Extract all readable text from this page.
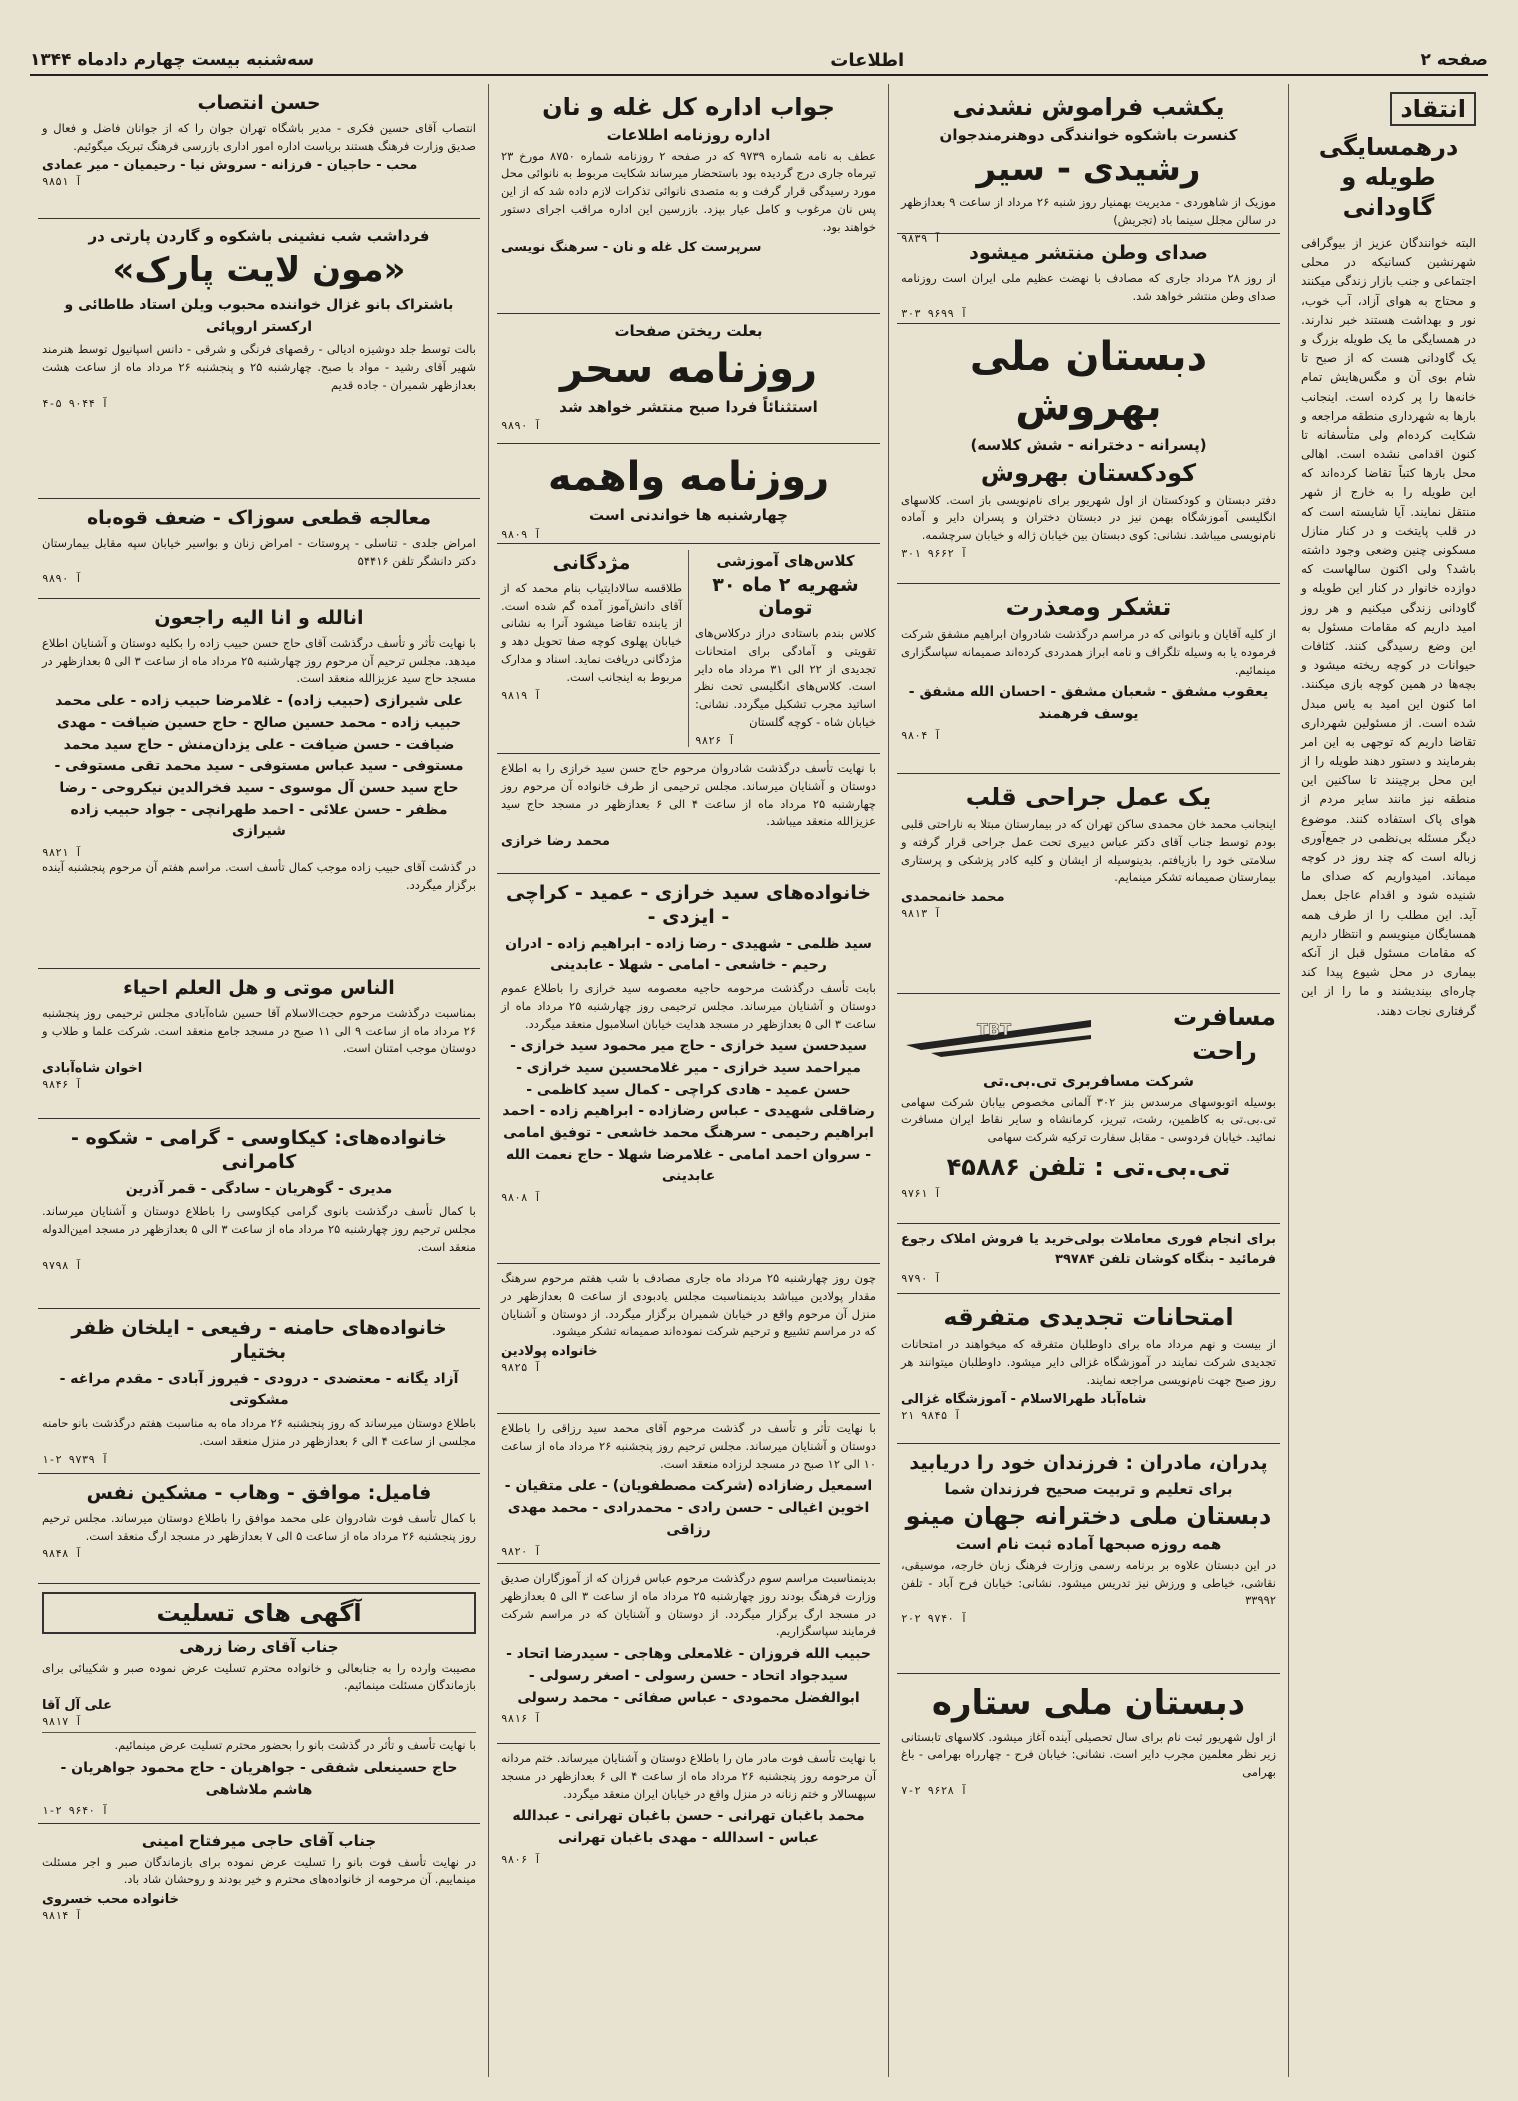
صفحه ۲
اطلاعات
سه‌شنبه بیست چهارم دادماه ۱۳۴۴
انتقاد
درهمسایگی طویله و گاودانی

البته خوانندگان عزیز از بیوگرافی شهرنشین کسانیکه در محلی اجتماعی و جنب بازار زندگی میکنند و محتاج به هوای آزاد، آب خوب، نور و بهداشت هستند خبر ندارند. در همسایگی ما یک طویله بزرگ و یک گاودانی هست که از صبح تا شام بوی آن و مگس‌هایش تمام خانه‌ها را پر کرده است. اینجانب بارها به شهرداری منطقه مراجعه و شکایت کرده‌ام ولی متأسفانه تا کنون اقدامی نشده است. اهالی محل بارها کتباً تقاضا کرده‌اند که این طویله را به خارج از شهر منتقل نمایند. آیا شایسته است که در قلب پایتخت و در کنار منازل مسکونی چنین وضعی وجود داشته باشد؟ ولی اکنون سالهاست که دوازده خانوار در کنار این طویله و گاودانی زندگی میکنیم و هر روز امید داریم که مقامات مسئول به این وضع رسیدگی کنند. کثافات حیوانات در کوچه ریخته میشود و بچه‌ها در همین کوچه بازی میکنند. اما کنون این امید به یاس مبدل شده است. از مسئولین شهرداری تقاضا داریم که توجهی به این امر بفرمایند و دستور دهند طویله را از این محل برچینند تا ساکنین این منطقه نیز مانند سایر مردم از هوای پاک استفاده کنند. موضوع دیگر مسئله بی‌نظمی در جمع‌آوری زباله است که چند روز در کوچه میماند. امیدواریم که صدای ما شنیده شود و اقدام عاجل بعمل آید. این مطلب را از طرف همه همسایگان مینویسم و انتظار داریم که مقامات مسئول قبل از آنکه بیماری در محل شیوع پیدا کند چاره‌ای بیندیشند و ما را از این گرفتاری نجات دهند.

یکشب فراموش نشدنی
کنسرت باشکوه خوانندگی دوهنرمندجوان
رشیدی - سیر

موزیک از شاهوردی - مدیریت بهمنیار روز شنبه ۲۶ مرداد از ساعت ۹ بعدازظهر در سالن مجلل سینما باد (تجریش)

آ ۹۸۳۹
صدای وطن منتشر میشود

از روز ۲۸ مرداد جاری که مصادف با نهضت عظیم ملی ایران است روزنامه صدای وطن منتشر خواهد شد.

آ ۹۶۹۹ ۳۰۳
دبستان ملی بهروش
(پسرانه - دخترانه - شش کلاسه)
کودکستان بهروش

دفتر دبستان و کودکستان از اول شهریور برای نام‌نویسی باز است. کلاسهای انگلیسی آموزشگاه بهمن نیز در دبستان دختران و پسران دایر و آماده نام‌نویسی میباشد. نشانی: کوی دبستان بین خیابان ژاله و خیابان سرچشمه.

آ ۹۶۶۲ ۳۰۱
تشکر ومعذرت

از کلیه آقایان و بانوانی که در مراسم درگذشت شادروان ابراهیم مشفق شرکت فرموده یا به وسیله تلگراف و نامه ابراز همدردی کرده‌اند صمیمانه سپاسگزاری مینمائیم.

یعقوب مشفق - شعبان مشفق - احسان الله مشفق - یوسف فرهمند
آ ۹۸۰۴
یک عمل جراحی قلب

اینجانب محمد خان محمدی ساکن تهران که در بیمارستان مبتلا به ناراحتی قلبی بودم توسط جناب آقای دکتر عباس دبیری تحت عمل جراحی قرار گرفته و سلامتی خود را بازیافتم. بدینوسیله از ایشان و کلیه کادر پزشکی و پرستاری بیمارستان صمیمانه تشکر مینمایم.

محمد خانمحمدی
آ ۹۸۱۳
مسافرت
راحت
TBT
شرکت مسافربری تی.بی.تی

بوسیله اتوبوسهای مرسدس بنز ۳۰۲ آلمانی مخصوص بیابان شرکت سهامی تی.بی.تی به کاظمین، رشت، تبریز، کرمانشاه و سایر نقاط ایران مسافرت نمائید. خیابان فردوسی - مقابل سفارت ترکیه شرکت سهامی

تی.بی.تی : تلفن ۴۵۸۸۶
آ ۹۷۶۱

برای انجام فوری معاملات بولی‌خرید یا فروش املاک رجوع فرمائید - بنگاه کوشان تلفن ۳۹۷۸۴

آ ۹۷۹۰
امتحانات تجدیدی متفرقه

از بیست و نهم مرداد ماه برای داوطلبان متفرقه که میخواهند در امتحانات تجدیدی شرکت نمایند در آموزشگاه غزالی دایر میشود. داوطلبان میتوانند هر روز صبح جهت نام‌نویسی مراجعه نمایند.

شاه‌آباد طهرالاسلام - آموزشگاه غزالی
آ ۹۸۴۵ ۲۱
پدران، مادران : فرزندان خود را دریابید
برای تعلیم و تربیت صحیح فرزندان شما
دبستان ملی دخترانه جهان مینو
همه روزه صبحها آماده ثبت نام است

در این دبستان علاوه بر برنامه رسمی وزارت فرهنگ زبان خارجه، موسیقی، نقاشی، خیاطی و ورزش نیز تدریس میشود. نشانی: خیابان فرح آباد - تلفن ۳۳۹۹۲

آ ۹۷۴۰ ۲۰۲
دبستان ملی ستاره

از اول شهریور ثبت نام برای سال تحصیلی آینده آغاز میشود. کلاسهای تابستانی زیر نظر معلمین مجرب دایر است. نشانی: خیابان فرح - چهارراه بهرامی - باغ بهرامی

آ ۹۶۲۸ ۲-۷
جواب اداره کل غله و نان
اداره روزنامه اطلاعات

عطف به نامه شماره ۹۷۳۹ که در صفحه ۲ روزنامه شماره ۸۷۵۰ مورخ ۲۳ تیرماه جاری درج گردیده بود باستحضار میرساند شکایت مربوط به نانوائی محل مورد رسیدگی قرار گرفت و به متصدی نانوائی تذکرات لازم داده شد که از این پس نان مرغوب و کامل عیار بپزد. بازرسین این اداره مراقب اجرای دستور خواهند بود.

سرپرست کل غله و نان - سرهنگ نویسی
بعلت ریختن صفحات
روزنامه سحر
استثنائاً فردا صبح منتشر خواهد شد
آ ۹۸۹۰
روزنامه واهمه
چهارشنبه ها خواندنی است
آ ۹۸۰۹
کلاس‌های آموزشی
شهریه ۲ ماه ۳۰ تومان

کلاس بندم باستادی دراز درکلاس‌های تقویتی و آمادگی برای امتحانات تجدیدی از ۲۲ الی ۳۱ مرداد ماه دایر است. کلاس‌های انگلیسی تحت نظر اساتید مجرب تشکیل میگردد. نشانی: خیابان شاه - کوچه گلستان

آ ۹۸۲۶
مژدگانی

طلاقسه سالادایتیاب بنام محمد که از آقای دانش‌آموز آمده گم شده است. از یابنده تقاضا میشود آنرا به نشانی خیابان پهلوی کوچه صفا تحویل دهد و مژدگانی دریافت نماید. اسناد و مدارک مربوط به اینجانب است.

آ ۹۸۱۹

با نهایت تأسف درگذشت شادروان مرحوم حاج حسن سید خرازی را به اطلاع دوستان و آشنایان میرساند. مجلس ترحیمی از طرف خانواده آن مرحوم روز چهارشنبه ۲۵ مرداد ماه از ساعت ۴ الی ۶ بعدازظهر در مسجد حاج سید عزیزالله منعقد میباشد.

محمد رضا خرازی
خانواده‌های سید خرازی - عمید - کراچی - ایزدی -
سید ظلمی - شهیدی - رضا زاده - ابراهیم زاده - ادران رحیم - خاشعی - امامی - شهلا - عابدینی

بابت تأسف درگذشت مرحومه حاجیه معصومه سید خرازی را باطلاع عموم دوستان و آشنایان میرساند. مجلس ترحیمی روز چهارشنبه ۲۵ مرداد ماه از ساعت ۳ الی ۵ بعدازظهر در مسجد هدایت خیابان اسلامبول منعقد میگردد.

سیدحسن سید خرازی - حاج میر محمود سید خرازی - میراحمد سید خرازی - میر غلامحسین سید خرازی - حسن عمید - هادی کراچی - کمال سید کاظمی - رضاقلی شهیدی - عباس رضازاده - ابراهیم زاده - احمد ابراهیم رحیمی - سرهنگ محمد خاشعی - توفیق امامی - سروان احمد امامی - غلامرضا شهلا - حاج نعمت الله عابدینی
آ ۹۸۰۸

چون روز چهارشنبه ۲۵ مرداد ماه جاری مصادف با شب هفتم مرحوم سرهنگ مقدار پولادین میباشد بدینمناسبت مجلس یادبودی از ساعت ۵ بعدازظهر در منزل آن مرحوم واقع در خیابان شمیران برگزار میگردد. از دوستان و آشنایان که در مراسم تشییع و ترحیم شرکت نموده‌اند صمیمانه تشکر میشود.

خانواده پولادین
آ ۹۸۲۵

با نهایت تأثر و تأسف در گذشت مرحوم آقای محمد سید رزاقی را باطلاع دوستان و آشنایان میرساند. مجلس ترحیم روز پنجشنبه ۲۶ مرداد ماه از ساعت ۱۰ الی ۱۲ صبح در مسجد لرزاده منعقد است.

اسمعیل رضازاده (شرکت مصطفویان) - علی متقیان - اخوین اغیالی - حسن رادی - محمدرادی - محمد مهدی رزاقی
آ ۹۸۲۰

بدینمناسبت مراسم سوم درگذشت مرحوم عباس فرزان که از آموزگاران صدیق وزارت فرهنگ بودند روز چهارشنبه ۲۵ مرداد ماه از ساعت ۳ الی ۵ بعدازظهر در مسجد ارگ برگزار میگردد. از دوستان و آشنایان که در مراسم شرکت فرمایند سپاسگزاریم.

حبیب الله فروزان - غلامعلی وهاجی - سیدرضا اتحاد - سیدجواد اتحاد - حسن رسولی - اصغر رسولی - ابوالفضل محمودی - عباس صفائی - محمد رسولی
آ ۹۸۱۶

با نهایت تأسف فوت مادر مان را باطلاع دوستان و آشنایان میرساند. ختم مردانه آن مرحومه روز پنجشنبه ۲۶ مرداد ماه از ساعت ۴ الی ۶ بعدازظهر در مسجد سپهسالار و ختم زنانه در منزل واقع در خیابان ایران منعقد میگردد.

محمد باغبان تهرانی - حسن باغبان تهرانی - عبدالله عباس - اسدالله - مهدی باغبان تهرانی
آ ۹۸۰۶
حسن انتصاب

انتصاب آقای حسین فکری - مدیر باشگاه تهران جوان را که از جوانان فاضل و فعال و صدیق وزارت فرهنگ هستند بریاست اداره امور اداری بازرسی فرهنگ تبریک میگوئیم.

محب - حاجیان - فرزانه - سروش نیا - رحیمیان - میر عمادی
آ ۹۸۵۱
فرداشب شب نشینی باشکوه و گاردن پارتی در
«مون لایت پارک»
باشتراک بانو غزال خواننده محبوب ویلن استاد طاطائی و ارکستر اروپائی

بالت توسط جلد دوشیزه ادیالی - رقصهای فرنگی و شرقی - دانس اسپانیول توسط هنرمند شهیر آقای رشید - مواد با صبح. چهارشنبه ۲۵ و پنجشنبه ۲۶ مرداد ماه از ساعت هشت بعدازظهر شمیران - جاده قدیم

آ ۹۰۴۴ ۵-۴
معالجه قطعی سوزاک - ضعف قوه‌باه

امراض جلدی - تناسلی - پروستات - امراض زنان و بواسیر خیابان سپه مقابل بیمارستان دکتر دانشگر تلفن ۵۴۴۱۶

آ ۹۸۹۰
انالله و انا الیه راجعون

با نهایت تأثر و تأسف درگذشت آقای حاج حسن حبیب زاده را بکلیه دوستان و آشنایان اطلاع میدهد. مجلس ترحیم آن مرحوم روز چهارشنبه ۲۵ مرداد ماه از ساعت ۳ الی ۵ بعدازظهر در مسجد حاج سید عزیزالله منعقد است.

علی شیرازی (حبیب زاده) - غلامرضا حبیب زاده - علی محمد حبیب زاده - محمد حسین صالح - حاج حسین ضیافت - مهدی ضیافت - حسن ضیافت - علی یزدان‌منش - حاج سید محمد مستوفی - سید عباس مستوفی - سید محمد تقی مستوفی - حاج سید حسن آل موسوی - سید فخرالدین نیکروحی - رضا مظفر - حسن علائی - احمد طهرانچی - جواد حبیب زاده شیرازی
آ ۹۸۲۱

در گذشت آقای حبیب زاده موجب کمال تأسف است. مراسم هفتم آن مرحوم پنجشنبه آینده برگزار میگردد.

الناس موتی و هل العلم احیاء

بمناسبت درگذشت مرحوم حجت‌الاسلام آقا حسین شاه‌آبادی مجلس ترحیمی روز پنجشنبه ۲۶ مرداد ماه از ساعت ۹ الی ۱۱ صبح در مسجد جامع منعقد است. شرکت علما و طلاب و دوستان موجب امتنان است.

اخوان شاه‌آبادی
آ ۹۸۴۶
خانواده‌های: کیکاوسی - گرامی - شکوه - کامرانی
مدیری - گوهریان - سادگی - قمر آذرین

با کمال تأسف درگذشت بانوی گرامی کیکاوسی را باطلاع دوستان و آشنایان میرساند. مجلس ترحیم روز چهارشنبه ۲۵ مرداد ماه از ساعت ۳ الی ۵ بعدازظهر در مسجد امین‌الدوله منعقد است.

آ ۹۷۹۸
خانواده‌های حامنه - رفیعی - ایلخان ظفر بختیار
آزاد یگانه - معتضدی - درودی - فیروز آبادی - مقدم مراغه - مشکوتی

باطلاع دوستان میرساند که روز پنجشنبه ۲۶ مرداد ماه به مناسبت هفتم درگذشت بانو حامنه مجلسی از ساعت ۴ الی ۶ بعدازظهر در منزل منعقد است.

آ ۹۷۳۹ ۲-۱
فامیل: موافق - وهاب - مشکین نفس

با کمال تأسف فوت شادروان علی محمد موافق را باطلاع دوستان میرساند. مجلس ترحیم روز پنجشنبه ۲۶ مرداد ماه از ساعت ۵ الی ۷ بعدازظهر در مسجد ارگ منعقد است.

آ ۹۸۴۸
آگهی های تسلیت
جناب آقای رضا زرهی

مصیبت وارده را به جنابعالی و خانواده محترم تسلیت عرض نموده صبر و شکیبائی برای بازماندگان مسئلت مینمائیم.

علی آل آقا
آ ۹۸۱۷

با نهایت تأسف و تأثر در گذشت بانو را بحضور محترم تسلیت عرض مینمائیم.

حاج حسینعلی شفقی - جواهریان - حاج محمود جواهریان - هاشم ملاشاهی
آ ۹۶۴۰ ۲-۱
جناب آقای حاجی میرفتاح امینی

در نهایت تأسف فوت بانو را تسلیت عرض نموده برای بازماندگان صبر و اجر مسئلت مینماییم. آن مرحومه از خانواده‌های محترم و خیر بودند و روحشان شاد باد.

خانواده محب خسروی
آ ۹۸۱۴
